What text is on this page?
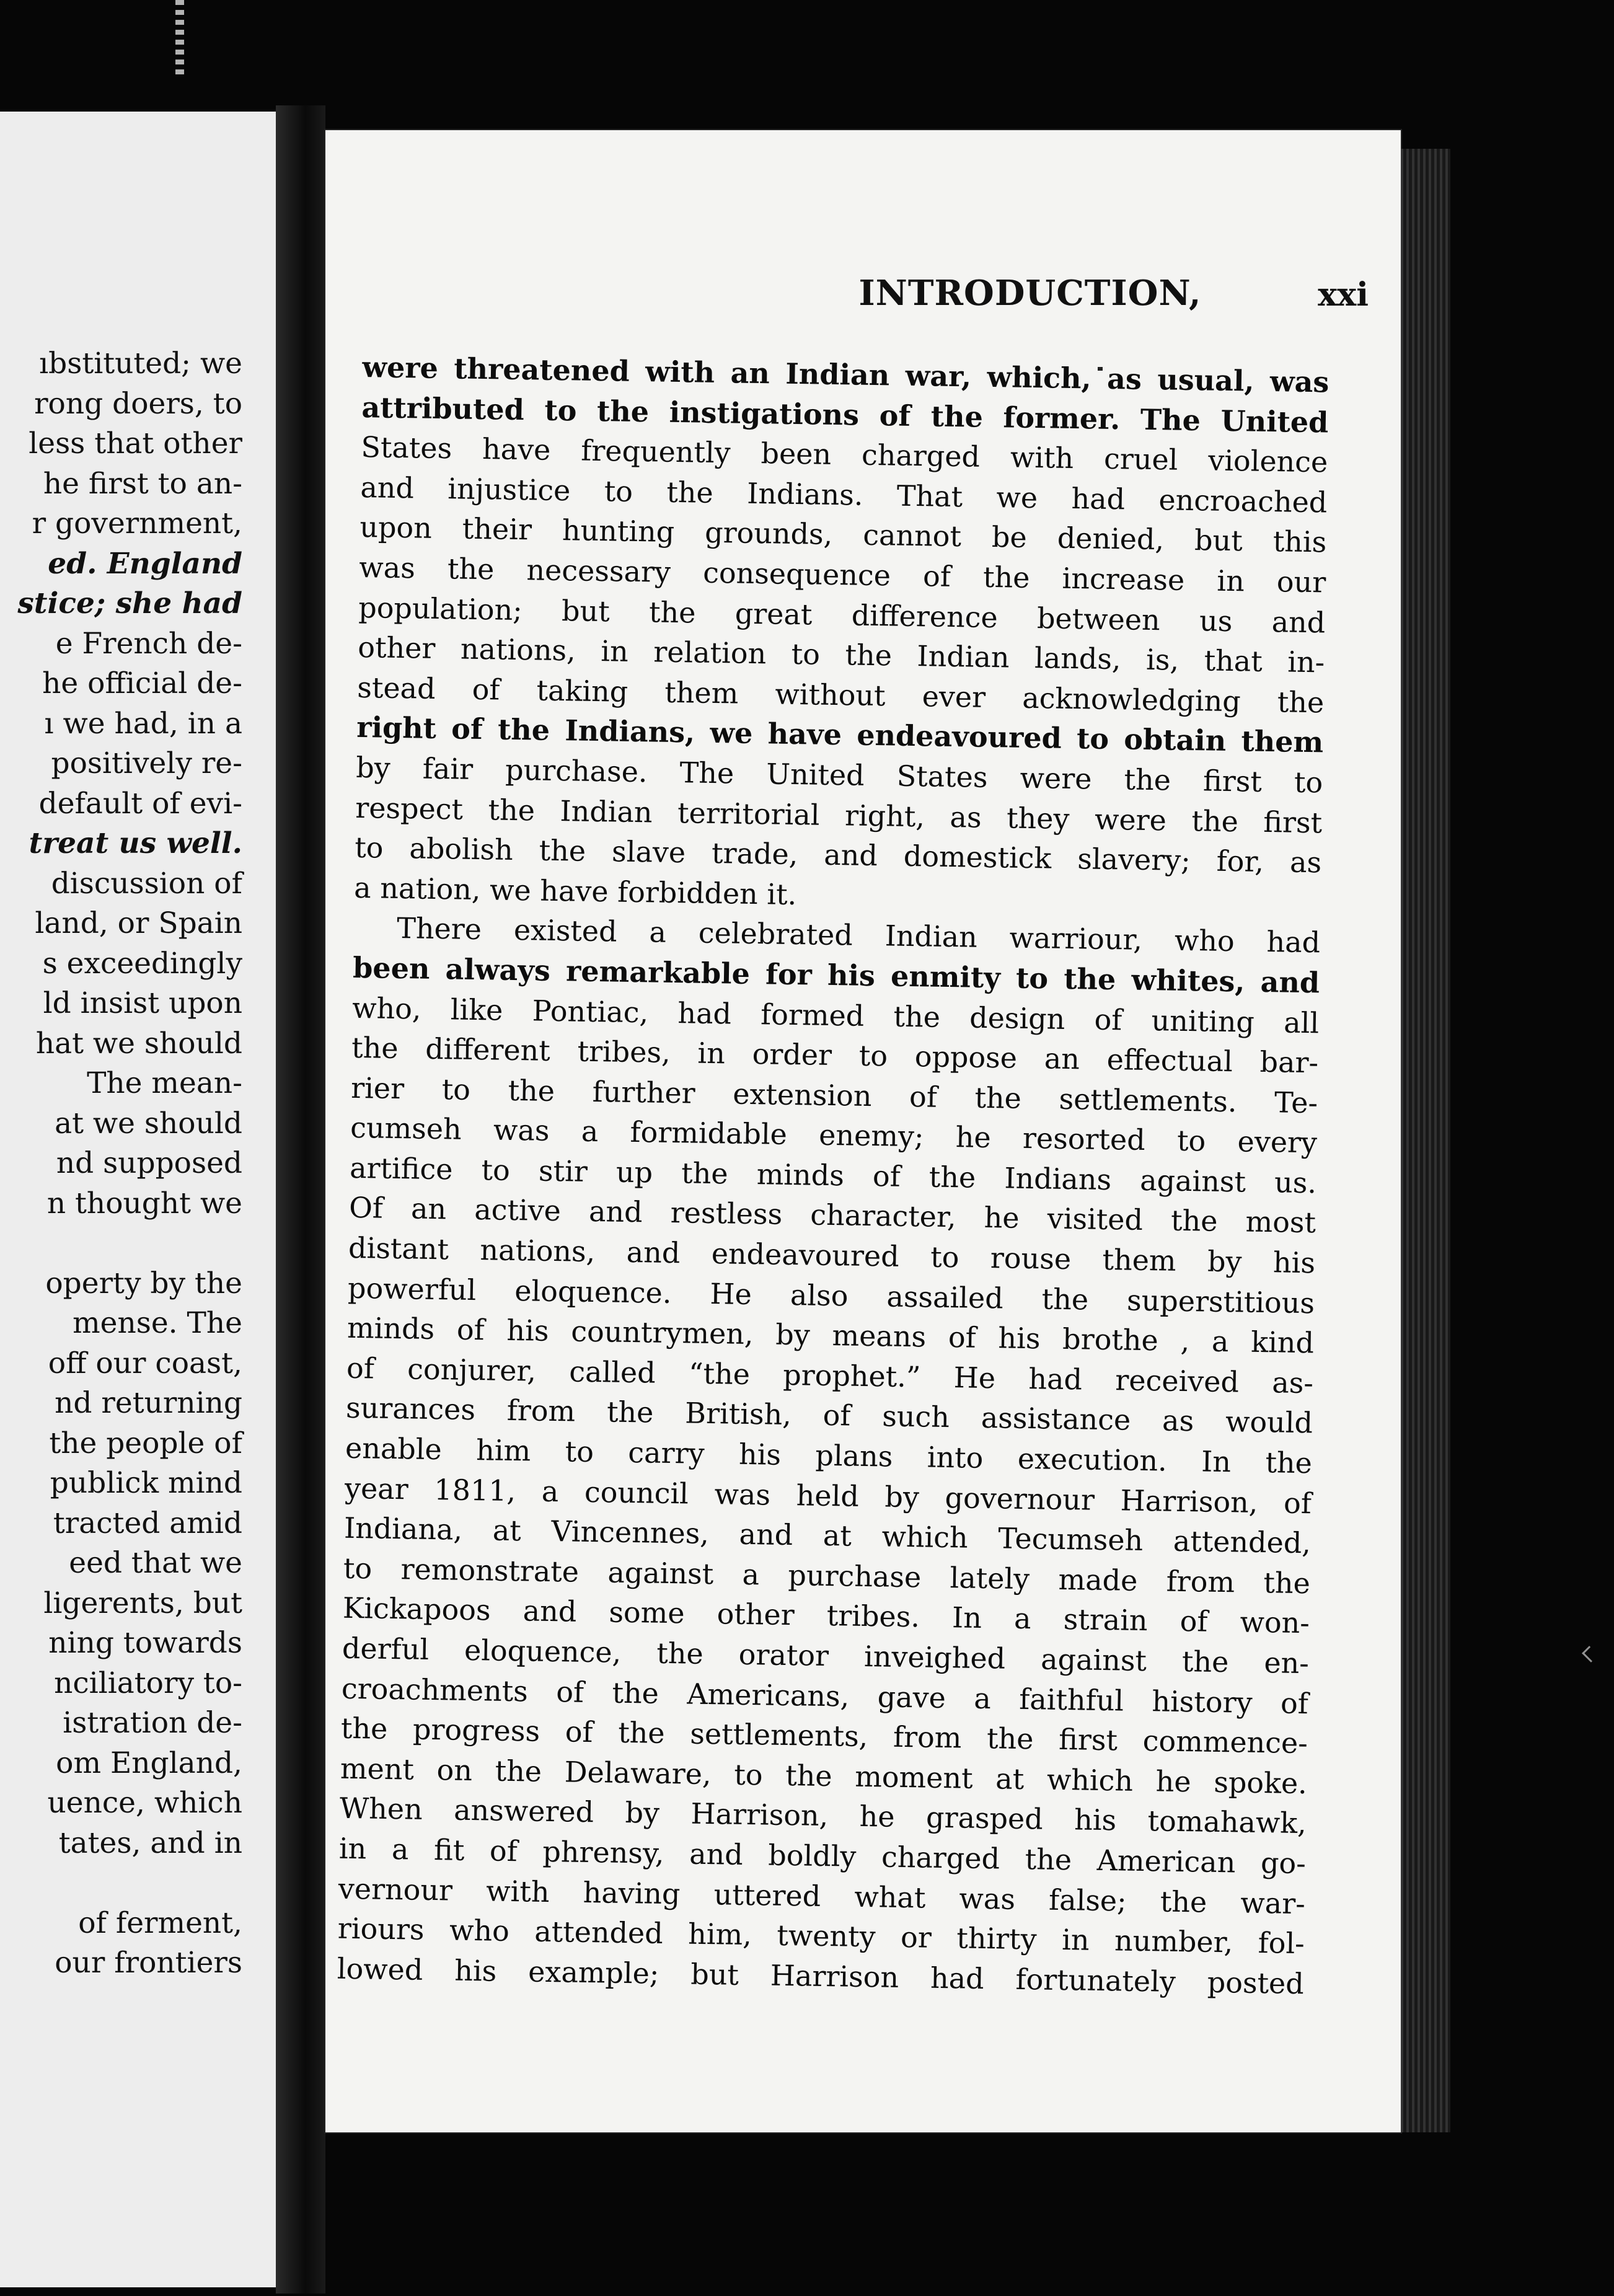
ıbstituted; we
rong doers, to
less that other
he first to an-
r government,
ed. England
stice; she had
e French de-
he official de-
ı we had, in a
positively re-
default of evi-
treat us well.
discussion of
land, or Spain
s exceedingly
ld insist upon
hat we should
The mean-
at we should
nd supposed
n thought we
operty by the
mense. The
off our coast,
nd returning
the people of
publick mind
tracted amid
eed that we
ligerents, but
ning towards
nciliatory to-
istration de-
om England,
uence, which
tates, and in
of ferment,
our frontiers
INTRODUCTION,	xxi
were threatened with an Indian war, which, as usual, was
attributed to the instigations of the former. The United
States have frequently been charged with cruel violence
and injustice to the Indians. That we had encroached
upon their hunting grounds, cannot be denied, but this
was the necessary consequence of the increase in our
population; but the great difference between us and
other nations, in relation to the Indian lands, is, that in-
stead of taking them without ever acknowledging the
right of the Indians, we have endeavoured to obtain them
by fair purchase. The United States were the first to
respect the Indian territorial right, as they were the first
to abolish the slave trade, and domestick slavery; for, as
a nation, we have forbidden it.
There existed a celebrated Indian warriour, who had
been always remarkable for his enmity to the whites, and
who, like Pontiac, had formed the design of uniting all
the different tribes, in order to oppose an effectual bar-
rier to the further extension of the settlements. Te-
cumseh was a formidable enemy; he resorted to every
artifice to stir up the minds of the Indians against us.
Of an active and restless character, he visited the most
distant nations, and endeavoured to rouse them by his
powerful eloquence. He also assailed the superstitious
minds of his countrymen, by means of his brothe , a kind
of conjurer, called “the prophet.” He had received as-
surances from the British, of such assistance as would
enable him to carry his plans into execution. In the
year 1811, a council was held by governour Harrison, of
Indiana, at Vincennes, and at which Tecumseh attended,
to remonstrate against a purchase lately made from the
Kickapoos and some other tribes. In a strain of won-
derful eloquence, the orator inveighed against the en-
croachments of the Americans, gave a faithful history of
the progress of the settlements, from the first commence-
ment on the Delaware, to the moment at which he spoke.
When answered by Harrison, he grasped his tomahawk,
in a fit of phrensy, and boldly charged the American go-
vernour with having uttered what was false; the war-
riours who attended him, twenty or thirty in number, fol-
lowed his example; but Harrison had fortunately posted
